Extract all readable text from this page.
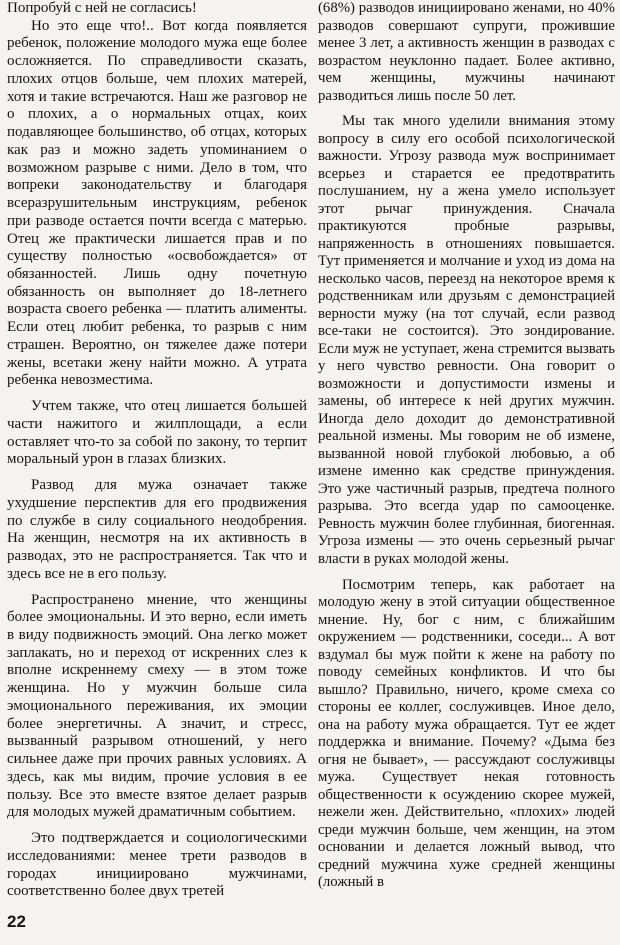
Попробуй с ней не согласись!

Но это еще что!.. Вот когда появляется ребенок, положение молодого мужа еще более осложняется. По справедливости сказать, плохих отцов больше, чем плохих матерей, хотя и такие встречаются. Наш же разговор не о плохих, а о нормальных отцах, коих подавляющее большинство, об отцах, которых как раз и можно задеть упоминанием о возможном разрыве с ними. Дело в том, что вопреки законодательству и благодаря всеразрушительным инструкциям, ребенок при разводе остается почти всегда с матерью. Отец же практически лишается прав и по существу полностью «освобождается» от обязанностей. Лишь одну почетную обязанность он выполняет до 18-летнего возраста своего ребенка — платить алименты. Если отец любит ребенка, то разрыв с ним страшен. Вероятно, он тяжелее даже потери жены, всетаки жену найти можно. А утрата ребенка невозместима.

Учтем также, что отец лишается большей части нажитого и жилплощади, а если оставляет что-то за собой по закону, то терпит моральный урон в глазах близких.

Развод для мужа означает также ухудшение перспектив для его продвижения по службе в силу социального неодобрения. На женщин, несмотря на их активность в разводах, это не распространяется. Так что и здесь все не в его пользу.

Распространено мнение, что женщины более эмоциональны. И это верно, если иметь в виду подвижность эмоций. Она легко может заплакать, но и переход от искренних слез к вполне искреннему смеху — в этом тоже женщина. Но у мужчин больше сила эмоционального переживания, их эмоции более энергетичны. А значит, и стресс, вызванный разрывом отношений, у него сильнее даже при прочих равных условиях. А здесь, как мы видим, прочие условия в ее пользу. Все это вместе взятое делает разрыв для молодых мужей драматичным событием.

Это подтверждается и социологическими исследованиями: менее трети разводов в городах инициировано мужчинами, соответственно более двух третей

(68%) разводов инициировано женами, но 40% разводов совершают супруги, прожившие менее 3 лет, а активность женщин в разводах с возрастом неуклонно падает. Более активно, чем женщины, мужчины начинают разводиться лишь после 50 лет.

Мы так много уделили внимания этому вопросу в силу его особой психологической важности. Угрозу развода муж воспринимает всерьез и старается ее предотвратить послушанием, ну а жена умело использует этот рычаг принуждения. Сначала практикуются пробные разрывы, напряженность в отношениях повышается. Тут применяется и молчание и уход из дома на несколько часов, переезд на некоторое время к родственникам или друзьям с демонстрацией верности мужу (на тот случай, если развод все-таки не состоится). Это зондирование. Если муж не уступает, жена стремится вызвать у него чувство ревности. Она говорит о возможности и допустимости измены и замены, об интересе к ней других мужчин. Иногда дело доходит до демонстративной реальной измены. Мы говорим не об измене, вызванной новой глубокой любовью, а об измене именно как средстве принуждения. Это уже частичный разрыв, предтеча полного разрыва. Это всегда удар по самооценке. Ревность мужчин более глубинная, биогенная. Угроза измены — это очень серьезный рычаг власти в руках молодой жены.

Посмотрим теперь, как работает на молодую жену в этой ситуации общественное мнение. Ну, бог с ним, с ближайшим окружением — родственники, соседи... А вот вздумал бы муж пойти к жене на работу по поводу семейных конфликтов. И что бы вышло? Правильно, ничего, кроме смеха со стороны ее коллег, сослуживцев. Иное дело, она на работу мужа обращается. Тут ее ждет поддержка и внимание. Почему? «Дыма без огня не бывает», — рассуждают сослуживцы мужа. Существует некая готовность общественности к осуждению скорее мужей, нежели жен. Действительно, «плохих» людей среди мужчин больше, чем женщин, на этом основании и делается ложный вывод, что средний мужчина хуже средней женщины (ложный в

22
